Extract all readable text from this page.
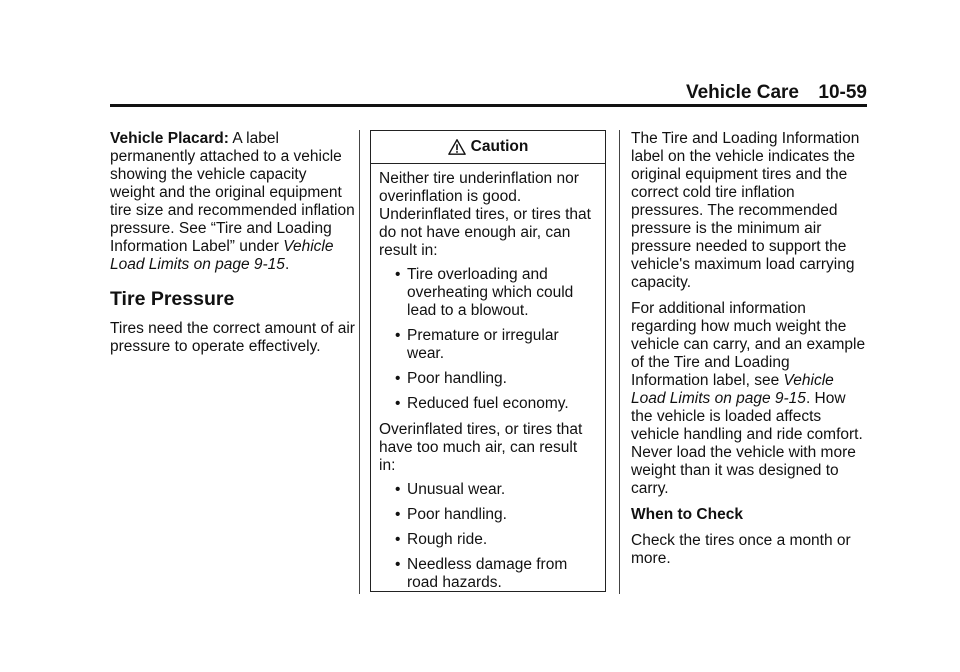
Vehicle Care 10-59

Vehicle Placard: A label permanently attached to a vehicle showing the vehicle capacity weight and the original equipment tire size and recommended inflation pressure. See “Tire and Loading Information Label” under Vehicle Load Limits on page 9-15.

Tire Pressure

Tires need the correct amount of air pressure to operate effectively.

Caution

Neither tire underinflation nor overinflation is good. Underinflated tires, or tires that do not have enough air, can result in:

• Tire overloading and overheating which could lead to a blowout.
• Premature or irregular wear.
• Poor handling.
• Reduced fuel economy.

Overinflated tires, or tires that have too much air, can result in:

• Unusual wear.
• Poor handling.
• Rough ride.
• Needless damage from road hazards.

The Tire and Loading Information label on the vehicle indicates the original equipment tires and the correct cold tire inflation pressures. The recommended pressure is the minimum air pressure needed to support the vehicle's maximum load carrying capacity.

For additional information regarding how much weight the vehicle can carry, and an example of the Tire and Loading Information label, see Vehicle Load Limits on page 9-15. How the vehicle is loaded affects vehicle handling and ride comfort. Never load the vehicle with more weight than it was designed to carry.

When to Check

Check the tires once a month or more.
